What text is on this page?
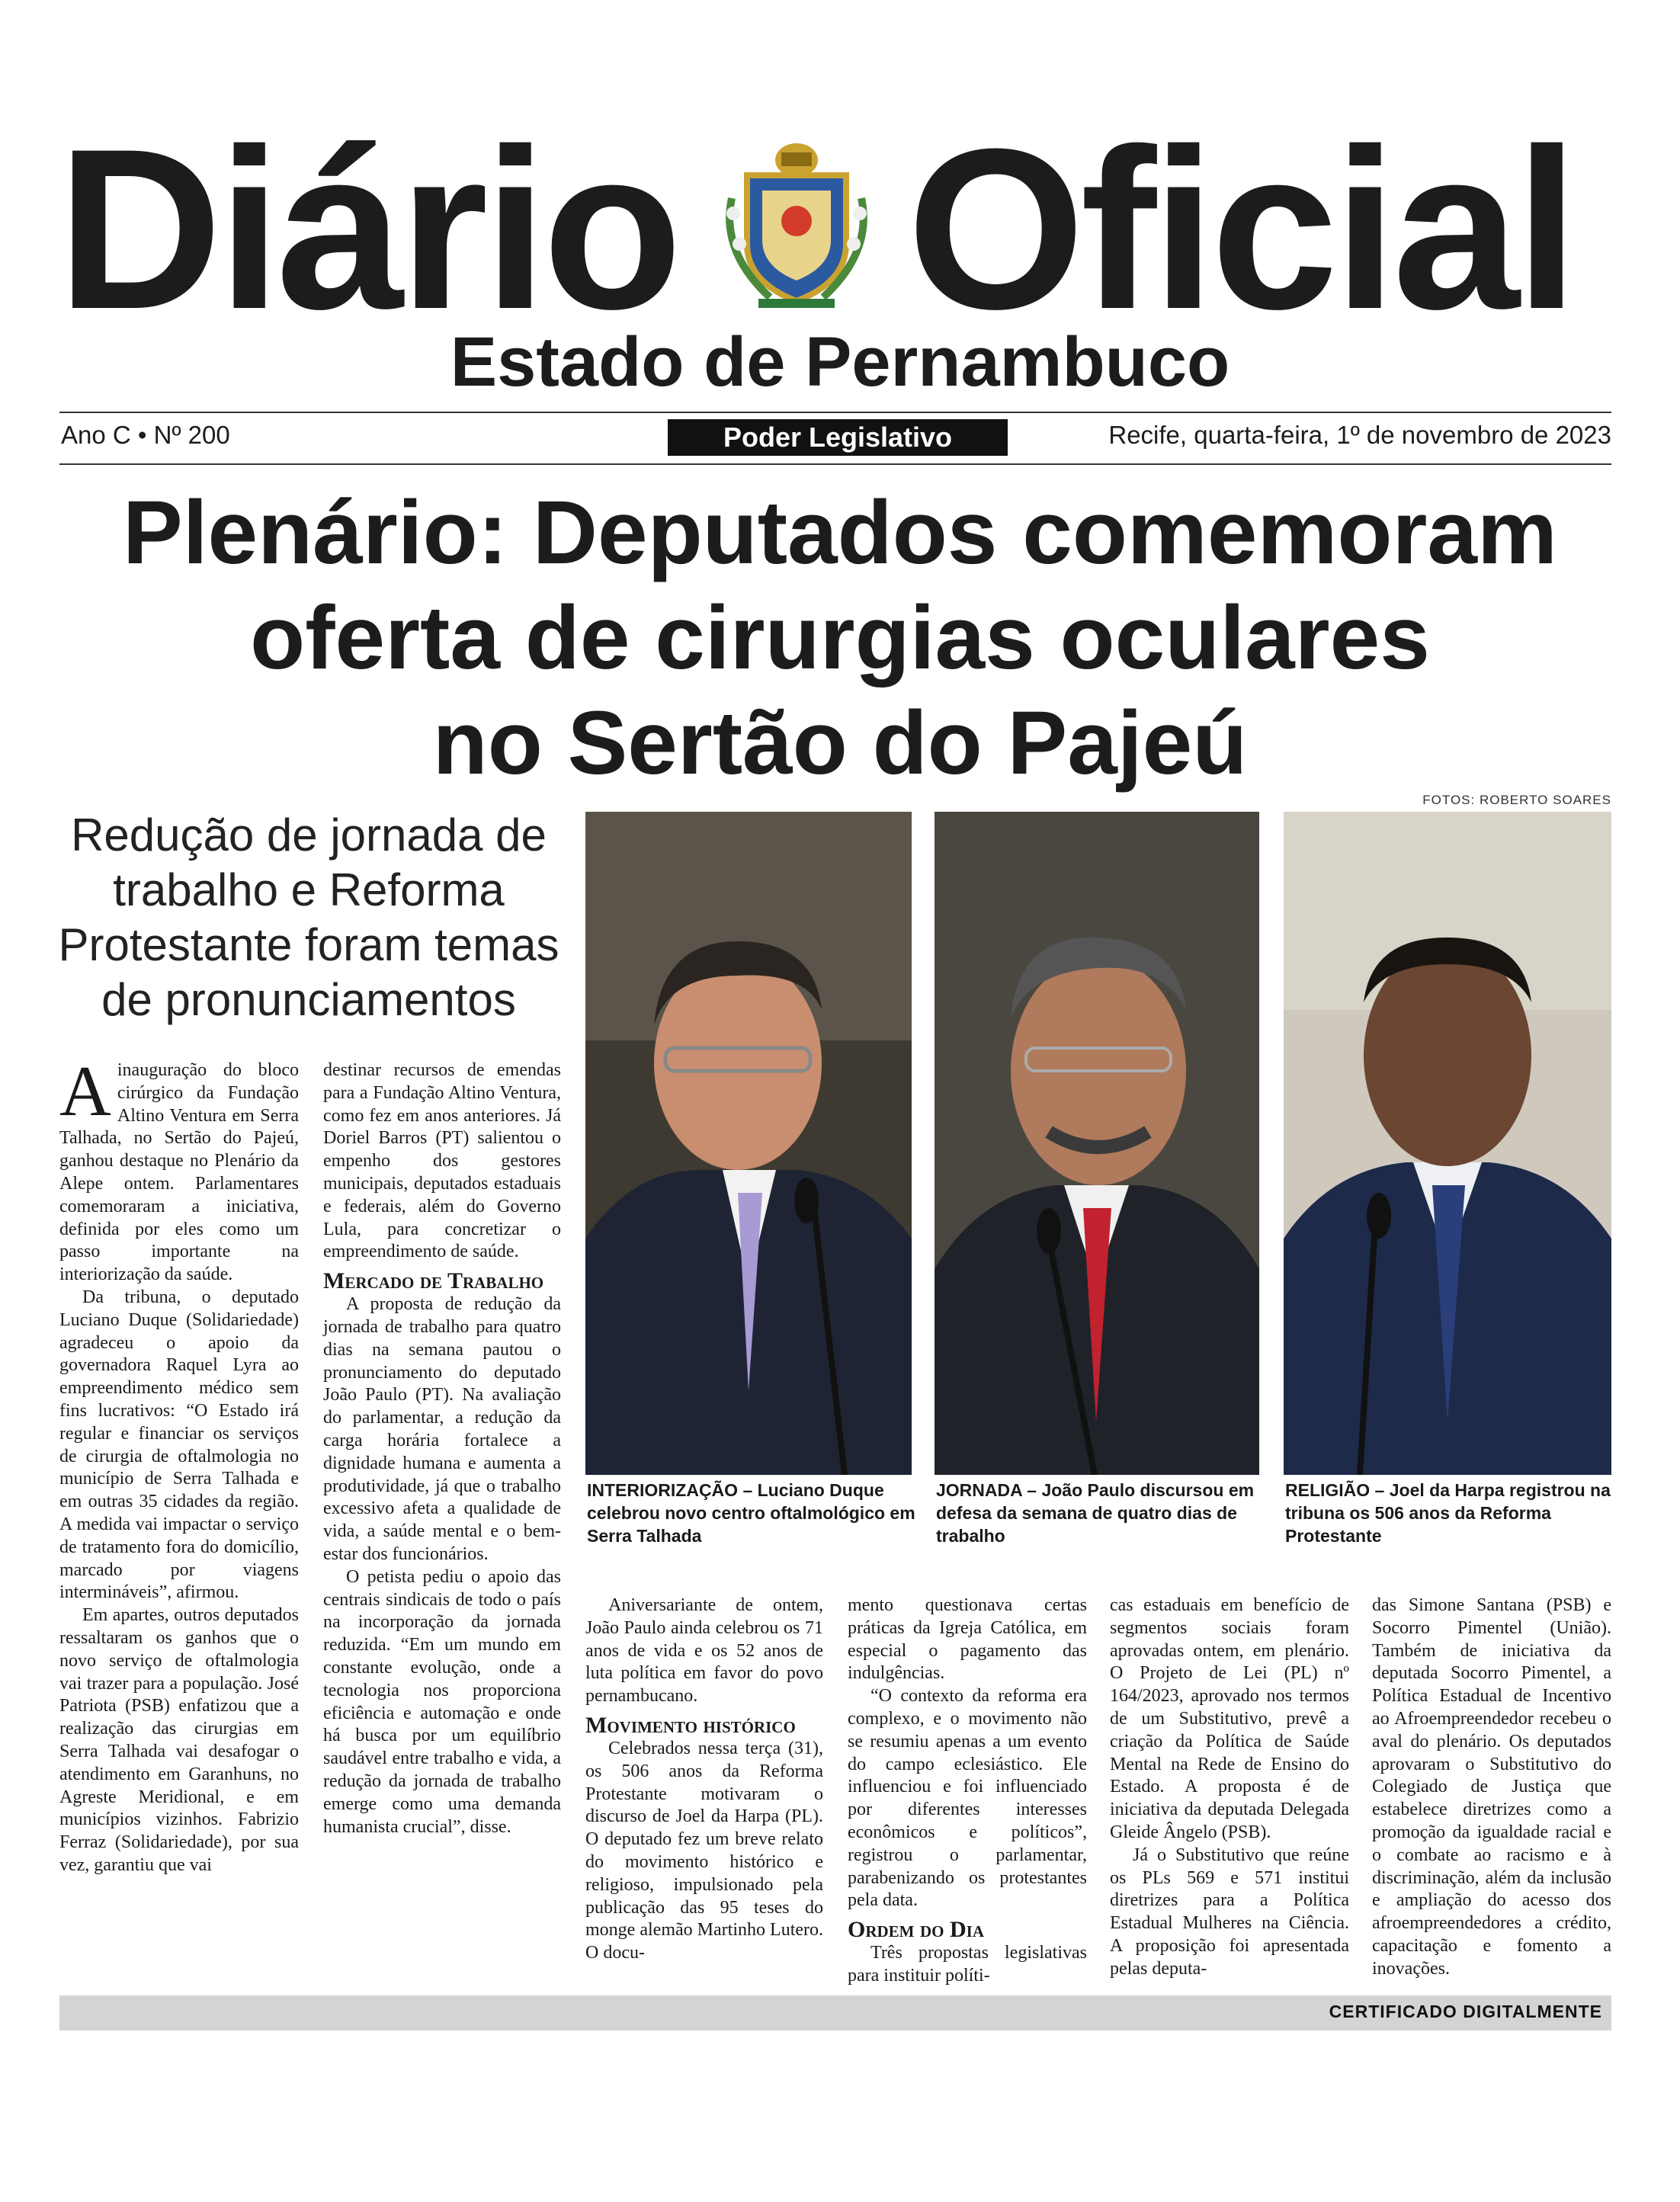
Diário Oficial
Estado de Pernambuco
Ano C • Nº 200	Poder Legislativo	Recife, quarta-feira, 1º de novembro de 2023
Plenário: Deputados comemoram
oferta de cirurgias oculares
no Sertão do Pajeú
FOTOS: ROBERTO SOARES
Redução de jornada de trabalho e Reforma Protestante foram temas de pronunciamentos
INTERIORIZAÇÃO – Luciano Duque celebrou novo centro oftalmológico em Serra Talhada
JORNADA – João Paulo discursou em defesa da semana de quatro dias de trabalho
RELIGIÃO – Joel da Harpa registrou na tribuna os 506 anos da Reforma Protestante

Ainauguração do bloco cirúrgico da Fundação Altino Ventura em Serra Talhada, no Sertão do Pajeú, ganhou destaque no Plenário da Alepe ontem. Parlamentares comemoraram a iniciativa, definida por eles como um passo importante na interiorização da saúde.

Da tribuna, o deputado Luciano Duque (Solidariedade) agradeceu o apoio da governadora Raquel Lyra ao empreendimento médico sem fins lucrativos: “O Estado irá regular e financiar os serviços de cirurgia de oftalmologia no município de Serra Talhada e em outras 35 cidades da região. A medida vai impactar o serviço de tratamento fora do domicílio, marcado por viagens intermináveis”, afirmou.

Em apartes, outros deputados ressaltaram os ganhos que o novo serviço de oftalmologia vai trazer para a população. José Patriota (PSB) enfatizou que a realização das cirurgias em Serra Talhada vai desafogar o atendimento em Garanhuns, no Agreste Meridional, e em municípios vizinhos. Fabrizio Ferraz (Solidariedade), por sua vez, garantiu que vai

destinar recursos de emendas para a Fundação Altino Ventura, como fez em anos anteriores. Já Doriel Barros (PT) salientou o empenho dos gestores municipais, deputados estaduais e federais, além do Governo Lula, para concretizar o empreendimento de saúde.

Mercado de Trabalho

A proposta de redução da jornada de trabalho para quatro dias na semana pautou o pronunciamento do deputado João Paulo (PT). Na avaliação do parlamentar, a redução da carga horária fortalece a dignidade humana e aumenta a produtividade, já que o trabalho excessivo afeta a qualidade de vida, a saúde mental e o bem-estar dos funcionários.

O petista pediu o apoio das centrais sindicais de todo o país na incorporação da jornada reduzida. “Em um mundo em constante evolução, onde a tecnologia nos proporciona eficiência e automação e onde há busca por um equilíbrio saudável entre trabalho e vida, a redução da jornada de trabalho emerge como uma demanda humanista crucial”, disse.

Aniversariante de ontem, João Paulo ainda celebrou os 71 anos de vida e os 52 anos de luta política em favor do povo pernambucano.

Movimento histórico

Celebrados nessa terça (31), os 506 anos da Reforma Protestante motivaram o discurso de Joel da Harpa (PL). O deputado fez um breve relato do movimento histórico e religioso, impulsionado pela publicação das 95 teses do monge alemão Martinho Lutero. O docu-

mento questionava certas práticas da Igreja Católica, em especial o pagamento das indulgências.

“O contexto da reforma era complexo, e o movimento não se resumiu apenas a um evento do campo eclesiástico. Ele influenciou e foi influenciado por diferentes interesses econômicos e políticos”, registrou o parlamentar, parabenizando os protestantes pela data.

Ordem do Dia

Três propostas legislativas para instituir políti-

cas estaduais em benefício de segmentos sociais foram aprovadas ontem, em plenário. O Projeto de Lei (PL) nº 164/2023, aprovado nos termos de um Substitutivo, prevê a criação da Política de Saúde Mental na Rede de Ensino do Estado. A proposta é de iniciativa da deputada Delegada Gleide Ângelo (PSB).

Já o Substitutivo que reúne os PLs 569 e 571 institui diretrizes para a Política Estadual Mulheres na Ciência. A proposição foi apresentada pelas deputa-

das Simone Santana (PSB) e Socorro Pimentel (União). Também de iniciativa da deputada Socorro Pimentel, a Política Estadual de Incentivo ao Afroempreendedor recebeu o aval do plenário. Os deputados aprovaram o Substitutivo do Colegiado de Justiça que estabelece diretrizes como a promoção da igualdade racial e o combate ao racismo e à discriminação, além da inclusão e ampliação do acesso dos afroempreendedores a crédito, capacitação e fomento a inovações.

CERTIFICADO DIGITALMENTE
